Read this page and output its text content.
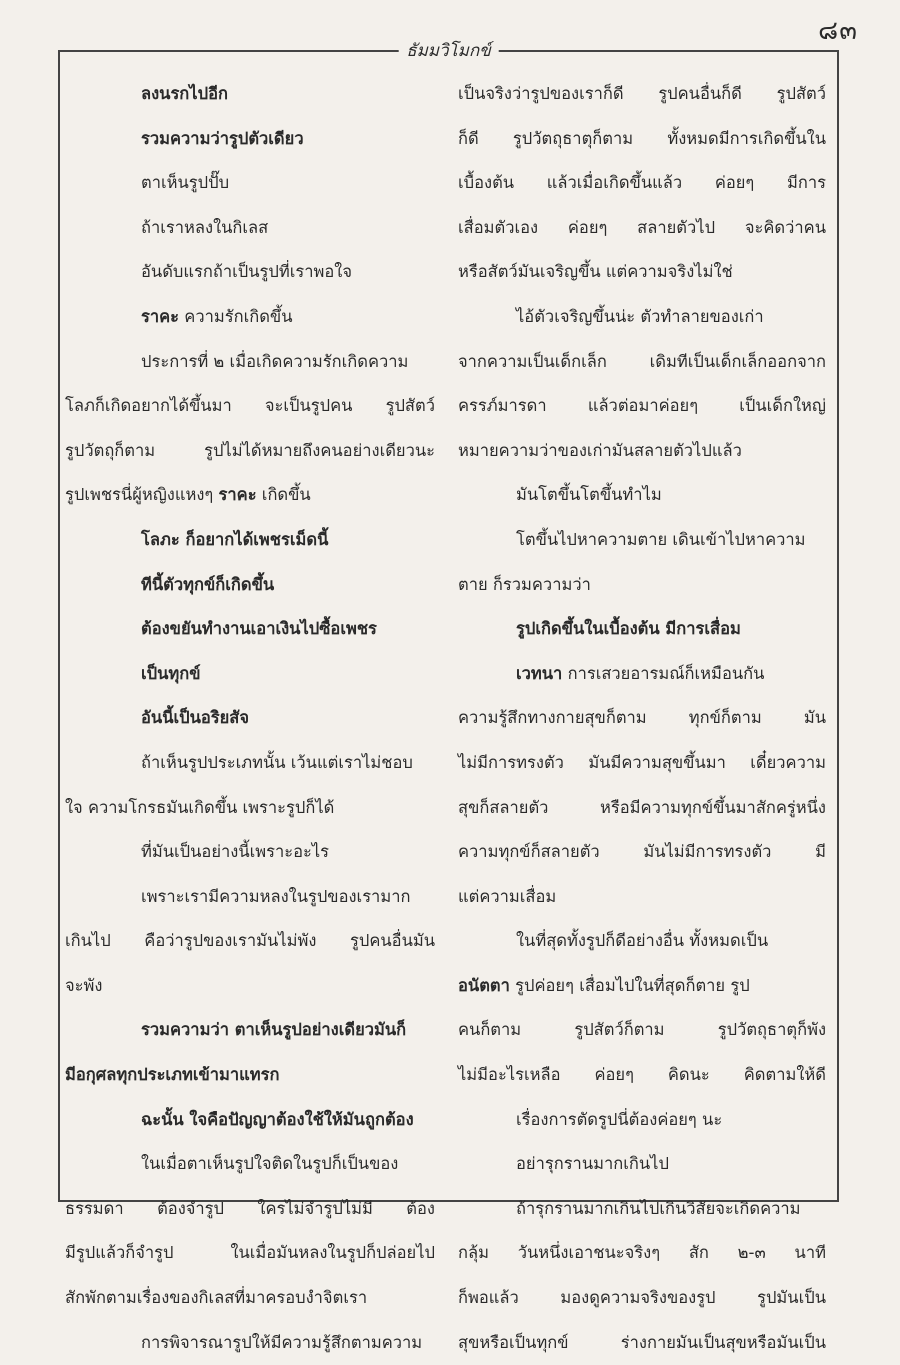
๘๓
ธัมมวิโมกข์
ลงนรกไปอีก
รวมความว่ารูปตัวเดียว
ตาเห็นรูปปั๊บ
ถ้าเราหลงในกิเลส
อันดับแรกถ้าเป็นรูปที่เราพอใจ
ราคะ ความรักเกิดขึ้น
ประการที่ ๒ เมื่อเกิดความรักเกิดความ
โลภก็เกิดอยากได้ขึ้นมา จะเป็นรูปคน รูปสัตว์
รูปวัตถุก็ตาม	รูปไม่ได้หมายถึงคนอย่างเดียวนะ
รูปเพชรนี่ผู้หญิงแหงๆ ราคะ เกิดขึ้น
โลภะ ก็อยากได้เพชรเม็ดนี้
ทีนี้ตัวทุกข์ก็เกิดขึ้น
ต้องขยันทำงานเอาเงินไปซื้อเพชร
เป็นทุกข์
อันนี้เป็นอริยสัจ
ถ้าเห็นรูปประเภทนั้น เว้นแต่เราไม่ชอบ
ใจ ความโกรธมันเกิดขึ้น เพราะรูปก็ได้
ที่มันเป็นอย่างนี้เพราะอะไร
เพราะเรามีความหลงในรูปของเรามาก
เกินไป คือว่ารูปของเรามันไม่พัง รูปคนอื่นมัน
จะพัง
รวมความว่า ตาเห็นรูปอย่างเดียวมันก็
มีอกุศลทุกประเภทเข้ามาแทรก
ฉะนั้น ใจคือปัญญาต้องใช้ให้มันถูกต้อง
ในเมื่อตาเห็นรูปใจติดในรูปก็เป็นของ
ธรรมดา ต้องจำรูป ใครไม่จำรูปไม่มี ต้อง
มีรูปแล้วก็จำรูป	ในเมื่อมันหลงในรูปก็ปล่อยไป
สักพักตามเรื่องของกิเลสที่มาครอบงำจิตเรา
การพิจารณารูปให้มีความรู้สึกตามความ
เป็นจริงว่ารูปของเราก็ดี รูปคนอื่นก็ดี รูปสัตว์
ก็ดี รูปวัตถุธาตุก็ตาม ทั้งหมดมีการเกิดขึ้นใน
เบื้องต้น แล้วเมื่อเกิดขึ้นแล้ว ค่อยๆ มีการ
เสื่อมตัวเอง ค่อยๆ สลายตัวไป จะคิดว่าคน
หรือสัตว์มันเจริญขึ้น แต่ความจริงไม่ใช่
ไอ้ตัวเจริญขึ้นน่ะ ตัวทำลายของเก่า
จากความเป็นเด็กเล็ก	เดิมทีเป็นเด็กเล็กออกจาก
ครรภ์มารดา แล้วต่อมาค่อยๆ เป็นเด็กใหญ่
หมายความว่าของเก่ามันสลายตัวไปแล้ว
มันโตขึ้นโตขึ้นทำไม
โตขึ้นไปหาความตาย เดินเข้าไปหาความ
ตาย ก็รวมความว่า
รูปเกิดขึ้นในเบื้องต้น มีการเสื่อม
เวทนา การเสวยอารมณ์ก็เหมือนกัน
ความรู้สึกทางกายสุขก็ตาม	ทุกข์ก็ตาม	มัน
ไม่มีการทรงตัว มันมีความสุขขึ้นมา เดี๋ยวความ
สุขก็สลายตัว	หรือมีความทุกข์ขึ้นมาสักครู่หนึ่ง
ความทุกข์ก็สลายตัว	มันไม่มีการทรงตัว	มี
แต่ความเสื่อม
ในที่สุดทั้งรูปก็ดีอย่างอื่น ทั้งหมดเป็น
อนัตตา รูปค่อยๆ เสื่อมไปในที่สุดก็ตาย รูป
คนก็ตาม	รูปสัตว์ก็ตาม	รูปวัตถุธาตุก็พัง
ไม่มีอะไรเหลือ ค่อยๆ คิดนะ คิดตามให้ดี
เรื่องการตัดรูปนี่ต้องค่อยๆ นะ
อย่ารุกรานมากเกินไป
ถ้ารุกรานมากเกินไปเกินวิสัยจะเกิดความ
กลุ้ม วันหนึ่งเอาชนะจริงๆ สัก ๒-๓ นาที
ก็พอแล้ว	มองดูความจริงของรูป	รูปมันเป็น
สุขหรือเป็นทุกข์	ร่างกายมันเป็นสุขหรือมันเป็น
